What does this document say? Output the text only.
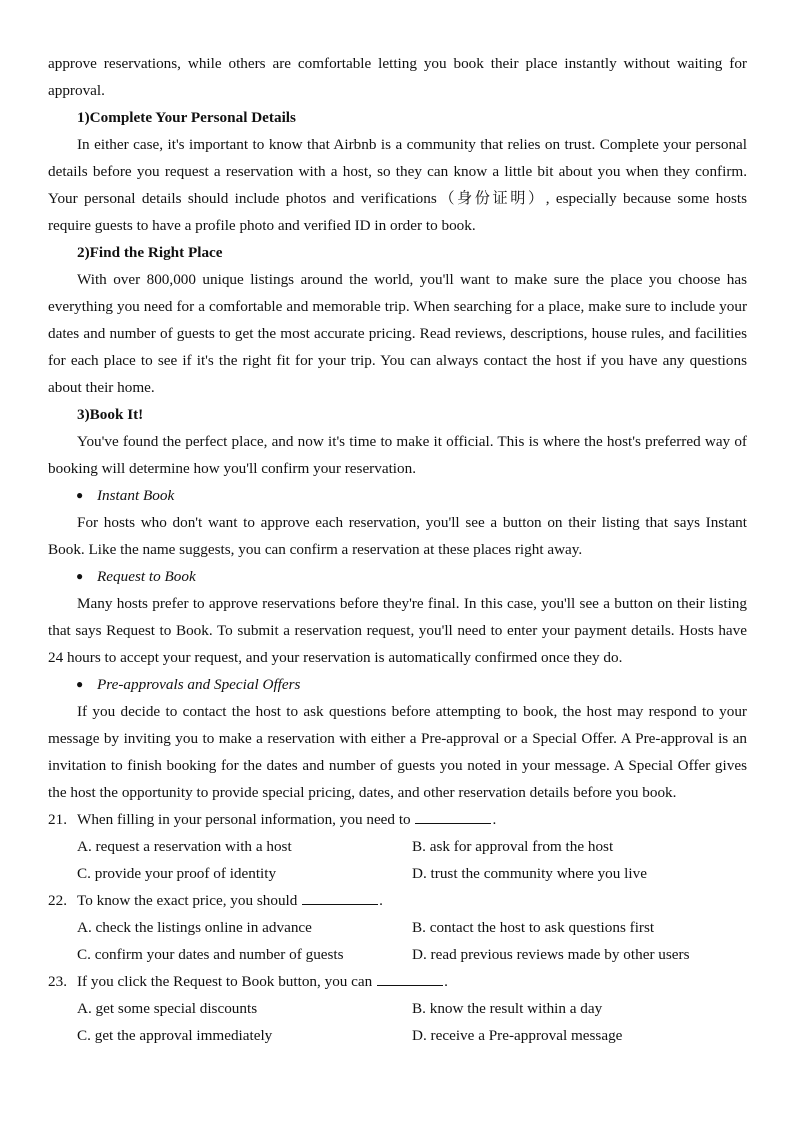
approve reservations, while others are comfortable letting you book their place instantly without waiting for approval.

1)Complete Your Personal Details

In either case, it's important to know that Airbnb is a community that relies on trust. Complete your personal details before you request a reservation with a host, so they can know a little bit about you when they confirm. Your personal details should include photos and verifications（身份证明）, especially because some hosts require guests to have a profile photo and verified ID in order to book.

2)Find the Right Place

With over 800,000 unique listings around the world, you'll want to make sure the place you choose has everything you need for a comfortable and memorable trip. When searching for a place, make sure to include your dates and number of guests to get the most accurate pricing. Read reviews, descriptions, house rules, and facilities for each place to see if it's the right fit for your trip. You can always contact the host if you have any questions about their home.

3)Book It!

You've found the perfect place, and now it's time to make it official. This is where the host's preferred way of booking will determine how you'll confirm your reservation.

● Instant Book

For hosts who don't want to approve each reservation, you'll see a button on their listing that says Instant Book. Like the name suggests, you can confirm a reservation at these places right away.

● Request to Book

Many hosts prefer to approve reservations before they're final. In this case, you'll see a button on their listing that says Request to Book. To submit a reservation request, you'll need to enter your payment details. Hosts have 24 hours to accept your request, and your reservation is automatically confirmed once they do.

● Pre-approvals and Special Offers

If you decide to contact the host to ask questions before attempting to book, the host may respond to your message by inviting you to make a reservation with either a Pre-approval or a Special Offer. A Pre-approval is an invitation to finish booking for the dates and number of guests you noted in your message. A Special Offer gives the host the opportunity to provide special pricing, dates, and other reservation details before you book.

21. When filling in your personal information, you need to	.
A. request a reservation with a host	B. ask for approval from the host
C. provide your proof of identity	D. trust the community where you live
22. To know the exact price, you should	.
A. check the listings online in advance	B. contact the host to ask questions first
C. confirm your dates and number of guests	D. read previous reviews made by other users
23. If you click the Request to Book button, you can	.
A. get some special discounts	B. know the result within a day
C. get the approval immediately	D. receive a Pre-approval message
